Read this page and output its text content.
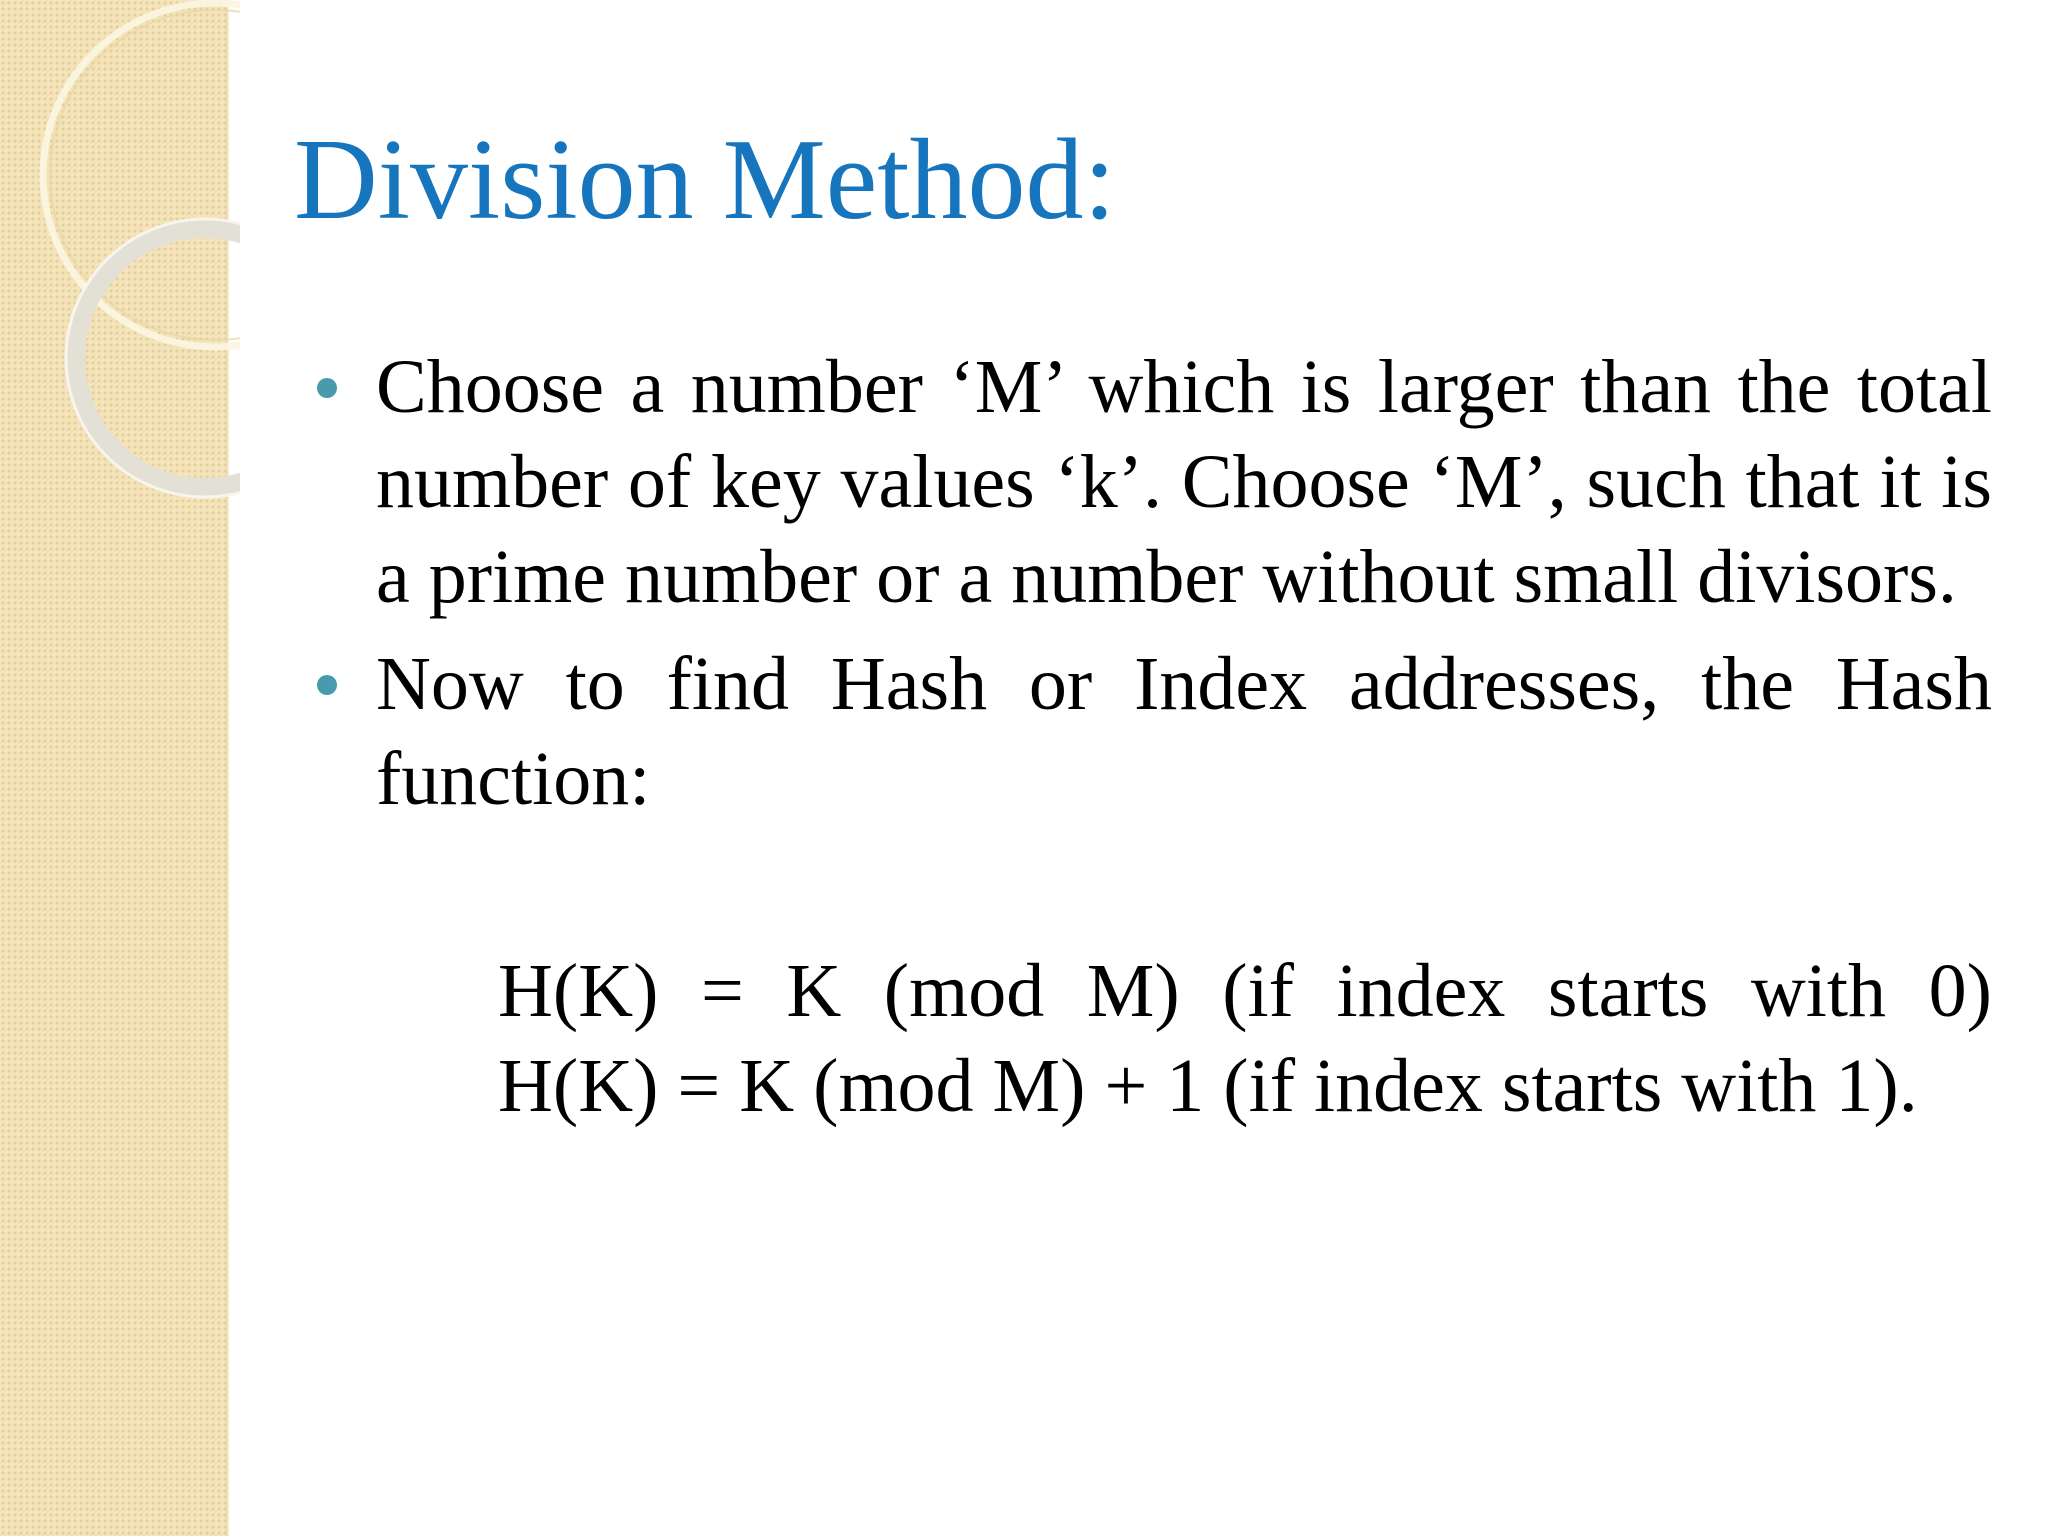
Division Method:
Choose a number ‘M’ which is larger than the total number of key values ‘k’. Choose ‘M’, such that it is a prime number or a number without small divisors.
Now to find Hash or Index addresses, the Hash function:
H(K) = K (mod M) (if index starts with 0)
H(K) = K (mod M) + 1 (if index starts with 1).
